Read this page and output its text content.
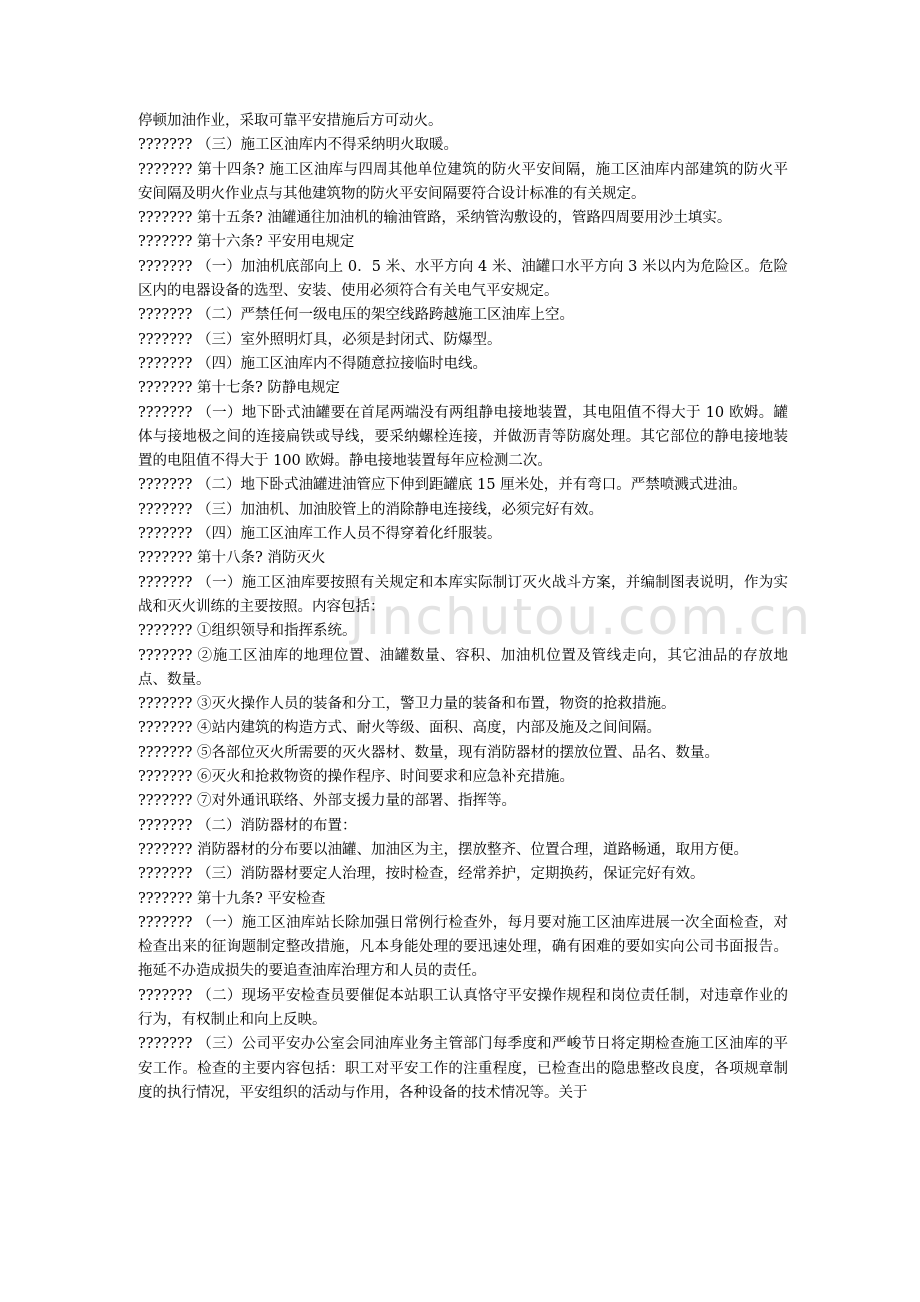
jinchutou.com.cn

停顿加油作业，采取可靠平安措施后方可动火。

??????? （三）施工区油库内不得采纳明火取暖。

??????? 第十四条? 施工区油库与四周其他单位建筑的防火平安间隔，施工区油库内部建筑的防火平安间隔及明火作业点与其他建筑物的防火平安间隔要符合设计标准的有关规定。

??????? 第十五条? 油罐通往加油机的输油管路，采纳管沟敷设的，管路四周要用沙土填实。

??????? 第十六条? 平安用电规定

??????? （一）加油机底部向上 0．5 米、水平方向 4 米、油罐口水平方向 3 米以内为危险区。危险区内的电器设备的选型、安装、使用必须符合有关电气平安规定。

??????? （二）严禁任何一级电压的架空线路跨越施工区油库上空。

??????? （三）室外照明灯具，必须是封闭式、防爆型。

??????? （四）施工区油库内不得随意拉接临时电线。

??????? 第十七条? 防静电规定

??????? （一）地下卧式油罐要在首尾两端没有两组静电接地装置，其电阻值不得大于 10 欧姆。罐体与接地极之间的连接扁铁或导线，要采纳螺栓连接，并做沥青等防腐处理。其它部位的静电接地装置的电阻值不得大于 100 欧姆。静电接地装置每年应检测二次。

??????? （二）地下卧式油罐进油管应下伸到距罐底 15 厘米处，并有弯口。严禁喷溅式进油。

??????? （三）加油机、加油胶管上的消除静电连接线，必须完好有效。

??????? （四）施工区油库工作人员不得穿着化纤服装。

??????? 第十八条? 消防灭火

??????? （一）施工区油库要按照有关规定和本库实际制订灭火战斗方案，并编制图表说明，作为实战和灭火训练的主要按照。内容包括：

??????? ①组织领导和指挥系统。

??????? ②施工区油库的地理位置、油罐数量、容积、加油机位置及管线走向，其它油品的存放地点、数量。

??????? ③灭火操作人员的装备和分工，警卫力量的装备和布置，物资的抢救措施。

??????? ④站内建筑的构造方式、耐火等级、面积、高度，内部及施及之间间隔。

??????? ⑤各部位灭火所需要的灭火器材、数量，现有消防器材的摆放位置、品名、数量。

??????? ⑥灭火和抢救物资的操作程序、时间要求和应急补充措施。

??????? ⑦对外通讯联络、外部支援力量的部署、指挥等。

??????? （二）消防器材的布置：

??????? 消防器材的分布要以油罐、加油区为主，摆放整齐、位置合理，道路畅通，取用方便。

??????? （三）消防器材要定人治理，按时检查，经常养护，定期换药，保证完好有效。

??????? 第十九条? 平安检查

??????? （一）施工区油库站长除加强日常例行检查外，每月要对施工区油库进展一次全面检查，对检查出来的征询题制定整改措施，凡本身能处理的要迅速处理，确有困难的要如实向公司书面报告。拖延不办造成损失的要追查油库治理方和人员的责任。

??????? （二）现场平安检查员要催促本站职工认真恪守平安操作规程和岗位责任制，对违章作业的行为，有权制止和向上反映。

??????? （三）公司平安办公室会同油库业务主管部门每季度和严峻节日将定期检查施工区油库的平安工作。检查的主要内容包括：职工对平安工作的注重程度，已检查出的隐患整改良度，各项规章制度的执行情况，平安组织的活动与作用，各种设备的技术情况等。关于
